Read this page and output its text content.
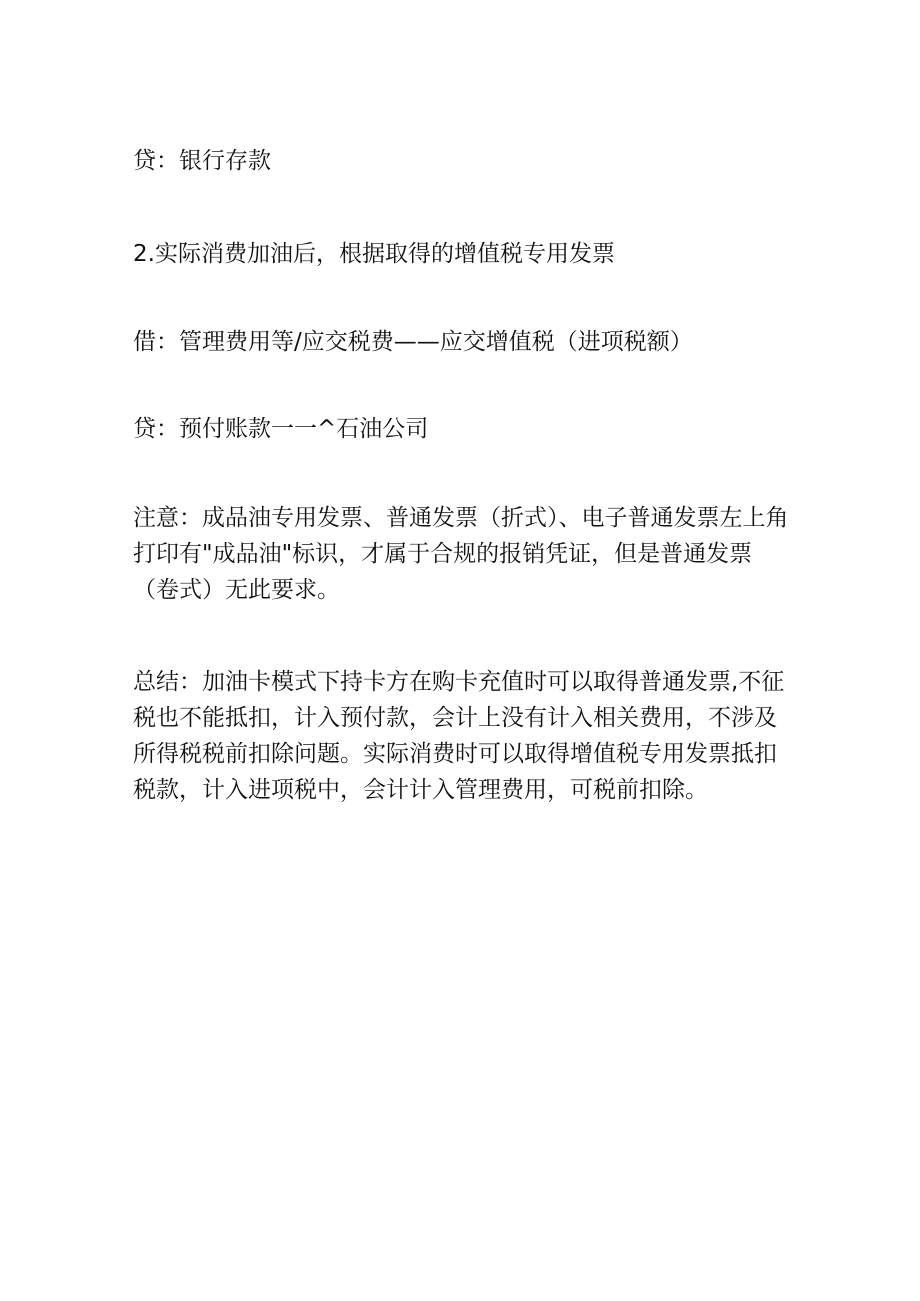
贷：银行存款

2.实际消费加油后，根据取得的增值税专用发票

借：管理费用等/应交税费——应交增值税（进项税额）

贷：预付账款一一^石油公司

注意：成品油专用发票、普通发票（折式）、电子普通发票左上角打印有"成品油"标识，才属于合规的报销凭证，但是普通发票（卷式）无此要求。

总结：加油卡模式下持卡方在购卡充值时可以取得普通发票,不征税也不能抵扣，计入预付款，会计上没有计入相关费用，不涉及所得税税前扣除问题。实际消费时可以取得增值税专用发票抵扣税款，计入进项税中，会计计入管理费用，可税前扣除。
